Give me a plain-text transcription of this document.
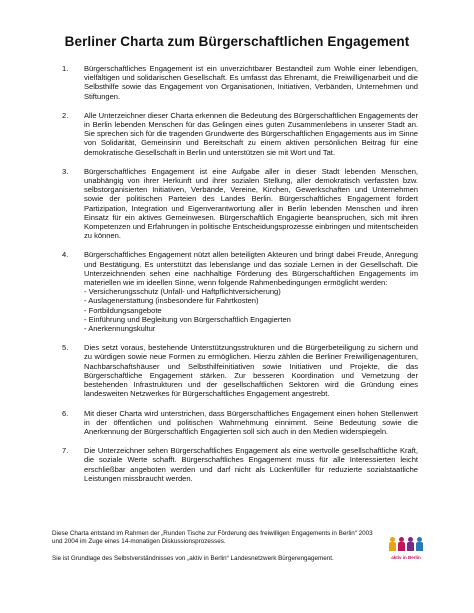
Berliner Charta zum Bürgerschaftlichen Engagement
1.	Bürgerschaftliches Engagement ist ein unverzichtbarer Bestandteil zum Wohle einer lebendigen, vielfältigen und solidarischen Gesellschaft. Es umfasst das Ehrenamt, die Freiwilligenarbeit und die Selbsthilfe sowie das Engagement von Organisationen, Initiativen, Verbänden, Unternehmen und Stiftungen.
2.	Alle Unterzeichner dieser Charta erkennen die Bedeutung des Bürgerschaftlichen Engagements der in Berlin lebenden Menschen für das Gelingen eines guten Zusammenlebens in unserer Stadt an. Sie sprechen sich für die tragenden Grundwerte des Bürgerschaftlichen Engagements aus im Sinne von Solidarität, Gemeinsinn und Bereitschaft zu einem aktiven persönlichen Beitrag für eine demokratische Gesellschaft in Berlin und unterstützen sie mit Wort und Tat.
3.	Bürgerschaftliches Engagement ist eine Aufgabe aller in dieser Stadt lebenden Menschen, unabhängig von ihrer Herkunft und ihrer sozialen Stellung, aller demokratisch verfassten bzw. selbstorganisierten Initiativen, Verbände, Vereine, Kirchen, Gewerkschaften und Unternehmen sowie der politischen Parteien des Landes Berlin. Bürgerschaftliches Engagement fördert Partizipation, Integration und Eigenverantwortung aller in Berlin lebenden Menschen und ihren Einsatz für ein aktives Gemeinwesen. Bürgerschaftlich Engagierte beanspruchen, sich mit ihren Kompetenzen und Erfahrungen in politische Entscheidungsprozesse einbringen und mitentscheiden zu können.
4.	Bürgerschaftliches Engagement nützt allen beteiligten Akteuren und bringt dabei Freude, Anregung und Bestätigung. Es unterstützt das lebenslange und das soziale Lernen in der Gesellschaft. Die Unterzeichnenden sehen eine nachhaltige Förderung des Bürgerschaftlichen Engagements im materiellen wie im ideellen Sinne, wenn folgende Rahmenbedingungen ermöglicht werden:
- Versicherungsschutz (Unfall- und Haftpflichtversicherung)
- Auslagenerstattung (insbesondere für Fahrtkosten)
- Fortbildungsangebote
- Einführung und Begleitung von Bürgerschaftlich Engagierten
- Anerkennungskultur
5.	Dies setzt voraus, bestehende Unterstützungsstrukturen und die Bürgerbeteiligung zu sichern und zu würdigen sowie neue Formen zu ermöglichen. Hierzu zählen die Berliner Freiwilligenagenturen, Nachbarschaftshäuser und Selbsthilfeinitiativen sowie Initiativen und Projekte, die das Bürgerschaftliche Engagement stärken. Zur besseren Koordination und Vernetzung der bestehenden Infrastrukturen und der gesellschaftlichen Sektoren wird die Gründung eines landesweiten Netzwerkes für Bürgerschaftliches Engagement angestrebt.
6.	Mit dieser Charta wird unterstrichen, dass Bürgerschaftliches Engagement einen hohen Stellenwert in der öffentlichen und politischen Wahrnehmung einnimmt. Seine Bedeutung sowie die Anerkennung der Bürgerschaftlich Engagierten soll sich auch in den Medien widerspiegeln.
7.	Die Unterzeichner sehen Bürgerschaftliches Engagement als eine wertvolle gesellschaftliche Kraft, die soziale Werte schafft. Bürgerschaftliches Engagement muss für alle Interessierten leicht erschließbar angeboten werden und darf nicht als Lückenfüller für reduzierte sozialstaatliche Leistungen missbraucht werden.

Diese Charta entstand im Rahmen der „Runden Tische zur Förderung des freiwilligen Engagements in Berlin“ 2003 und 2004 im Zuge eines 14-monatigen Diskussionsprozesses.

Sie ist Grundlage des Selbstverständnisses von „aktiv in Berlin“ Landesnetzwerk Bürgerengagement.	aktiv in Berlin
